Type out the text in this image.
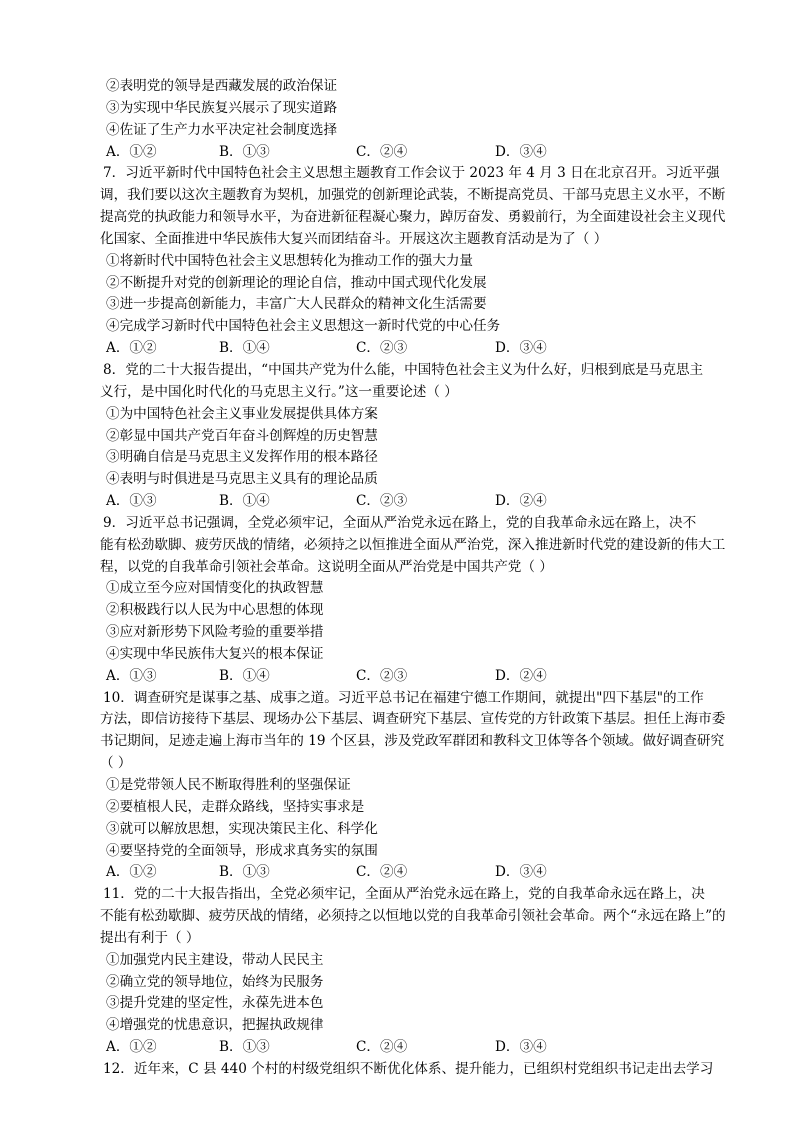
②表明党的领导是西藏发展的政治保证
③为实现中华民族复兴展示了现实道路
④佐证了生产力水平决定社会制度选择
A．①②	B．①③	C．②④	D．③④
7．习近平新时代中国特色社会主义思想主题教育工作会议于 2023 年 4 月 3 日在北京召开。习近平强
调，我们要以这次主题教育为契机，加强党的创新理论武装，不断提高党员、干部马克思主义水平，不断
提高党的执政能力和领导水平，为奋进新征程凝心聚力，踔厉奋发、勇毅前行，为全面建设社会主义现代
化国家、全面推进中华民族伟大复兴而团结奋斗。开展这次主题教育活动是为了（ ）
①将新时代中国特色社会主义思想转化为推动工作的强大力量
②不断提升对党的创新理论的理论自信，推动中国式现代化发展
③进一步提高创新能力，丰富广大人民群众的精神文化生活需要
④完成学习新时代中国特色社会主义思想这一新时代党的中心任务
A．①②	B．①④	C．②③	D．③④
8．党的二十大报告提出，“中国共产党为什么能，中国特色社会主义为什么好，归根到底是马克思主
义行，是中国化时代化的马克思主义行。”这一重要论述（ ）
①为中国特色社会主义事业发展提供具体方案
②彰显中国共产党百年奋斗创辉煌的历史智慧
③明确自信是马克思主义发挥作用的根本路径
④表明与时俱进是马克思主义具有的理论品质
A．①③	B．①④	C．②③	D．②④
9．习近平总书记强调，全党必须牢记，全面从严治党永远在路上，党的自我革命永远在路上，决不
能有松劲歇脚、疲劳厌战的情绪，必须持之以恒推进全面从严治党，深入推进新时代党的建设新的伟大工
程，以党的自我革命引领社会革命。这说明全面从严治党是中国共产党（ ）
①成立至今应对国情变化的执政智慧
②积极践行以人民为中心思想的体现
③应对新形势下风险考验的重要举措
④实现中华民族伟大复兴的根本保证
A．①③	B．①④	C．②③	D．②④
10．调查研究是谋事之基、成事之道。习近平总书记在福建宁德工作期间，就提出"四下基层"的工作
方法，即信访接待下基层、现场办公下基层、调查研究下基层、宣传党的方针政策下基层。担任上海市委
书记期间，足迹走遍上海市当年的 19 个区县，涉及党政军群团和教科文卫体等各个领域。做好调查研究
（ ）
①是党带领人民不断取得胜利的坚强保证
②要植根人民，走群众路线，坚持实事求是
③就可以解放思想，实现决策民主化、科学化
④要坚持党的全面领导，形成求真务实的氛围
A．①②	B．①③	C．②④	D．③④
11．党的二十大报告指出，全党必须牢记，全面从严治党永远在路上，党的自我革命永远在路上，决
不能有松劲歇脚、疲劳厌战的情绪，必须持之以恒地以党的自我革命引领社会革命。两个“永远在路上”的
提出有利于（ ）
①加强党内民主建设，带动人民民主
②确立党的领导地位，始终为民服务
③提升党建的坚定性，永葆先进本色
④增强党的忧患意识，把握执政规律
A．①②	B．①③	C．②④	D．③④
12．近年来，C 县 440 个村的村级党组织不断优化体系、提升能力，已组织村党组织书记走出去学习
